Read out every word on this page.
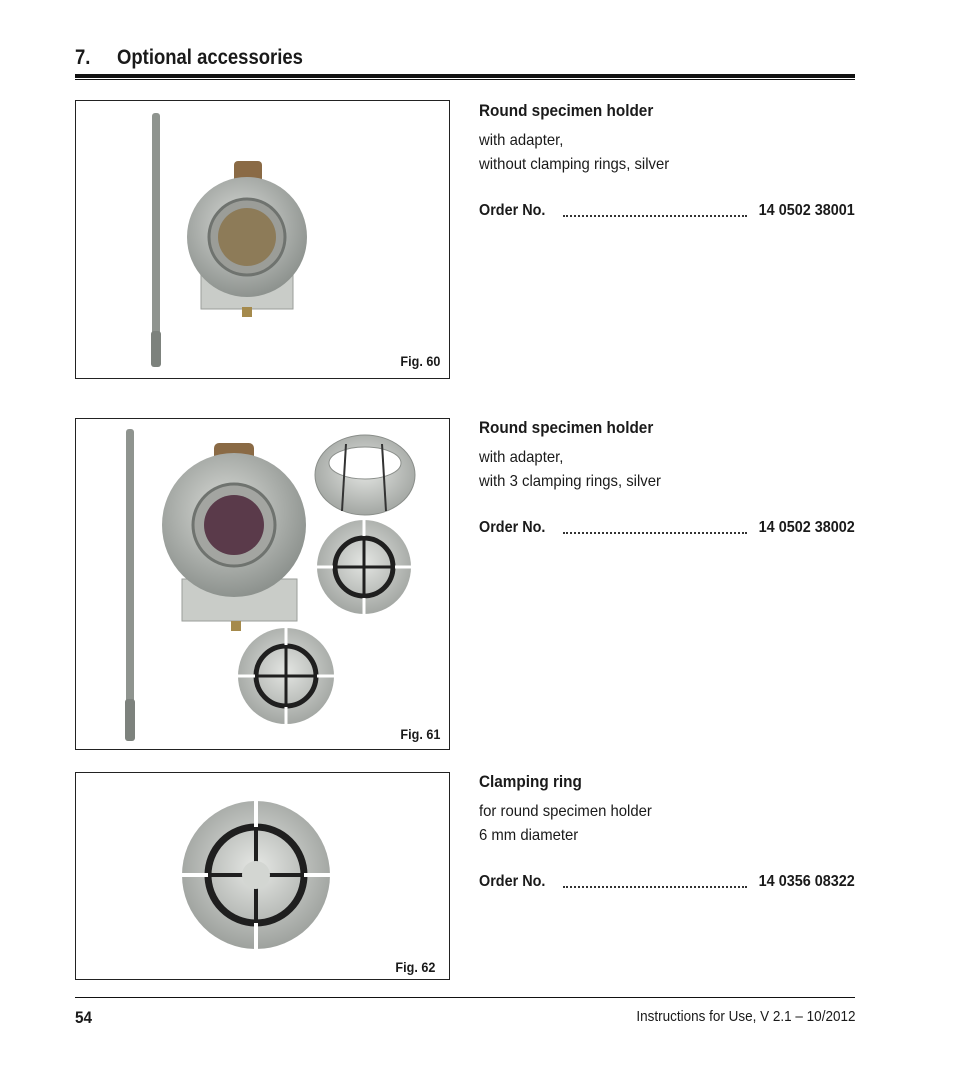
7. Optional accessories
Fig. 60
Round specimen holder
with adapter,
without clamping rings, silver
Order No.	14 0502 38001
Fig. 61
Round specimen holder
with adapter,
with 3 clamping rings, silver
Order No.	14 0502 38002
Fig. 62
Clamping ring
for round specimen holder
6 mm diameter
Order No.	14 0356 08322
54	Instructions for Use, V 2.1 – 10/2012
